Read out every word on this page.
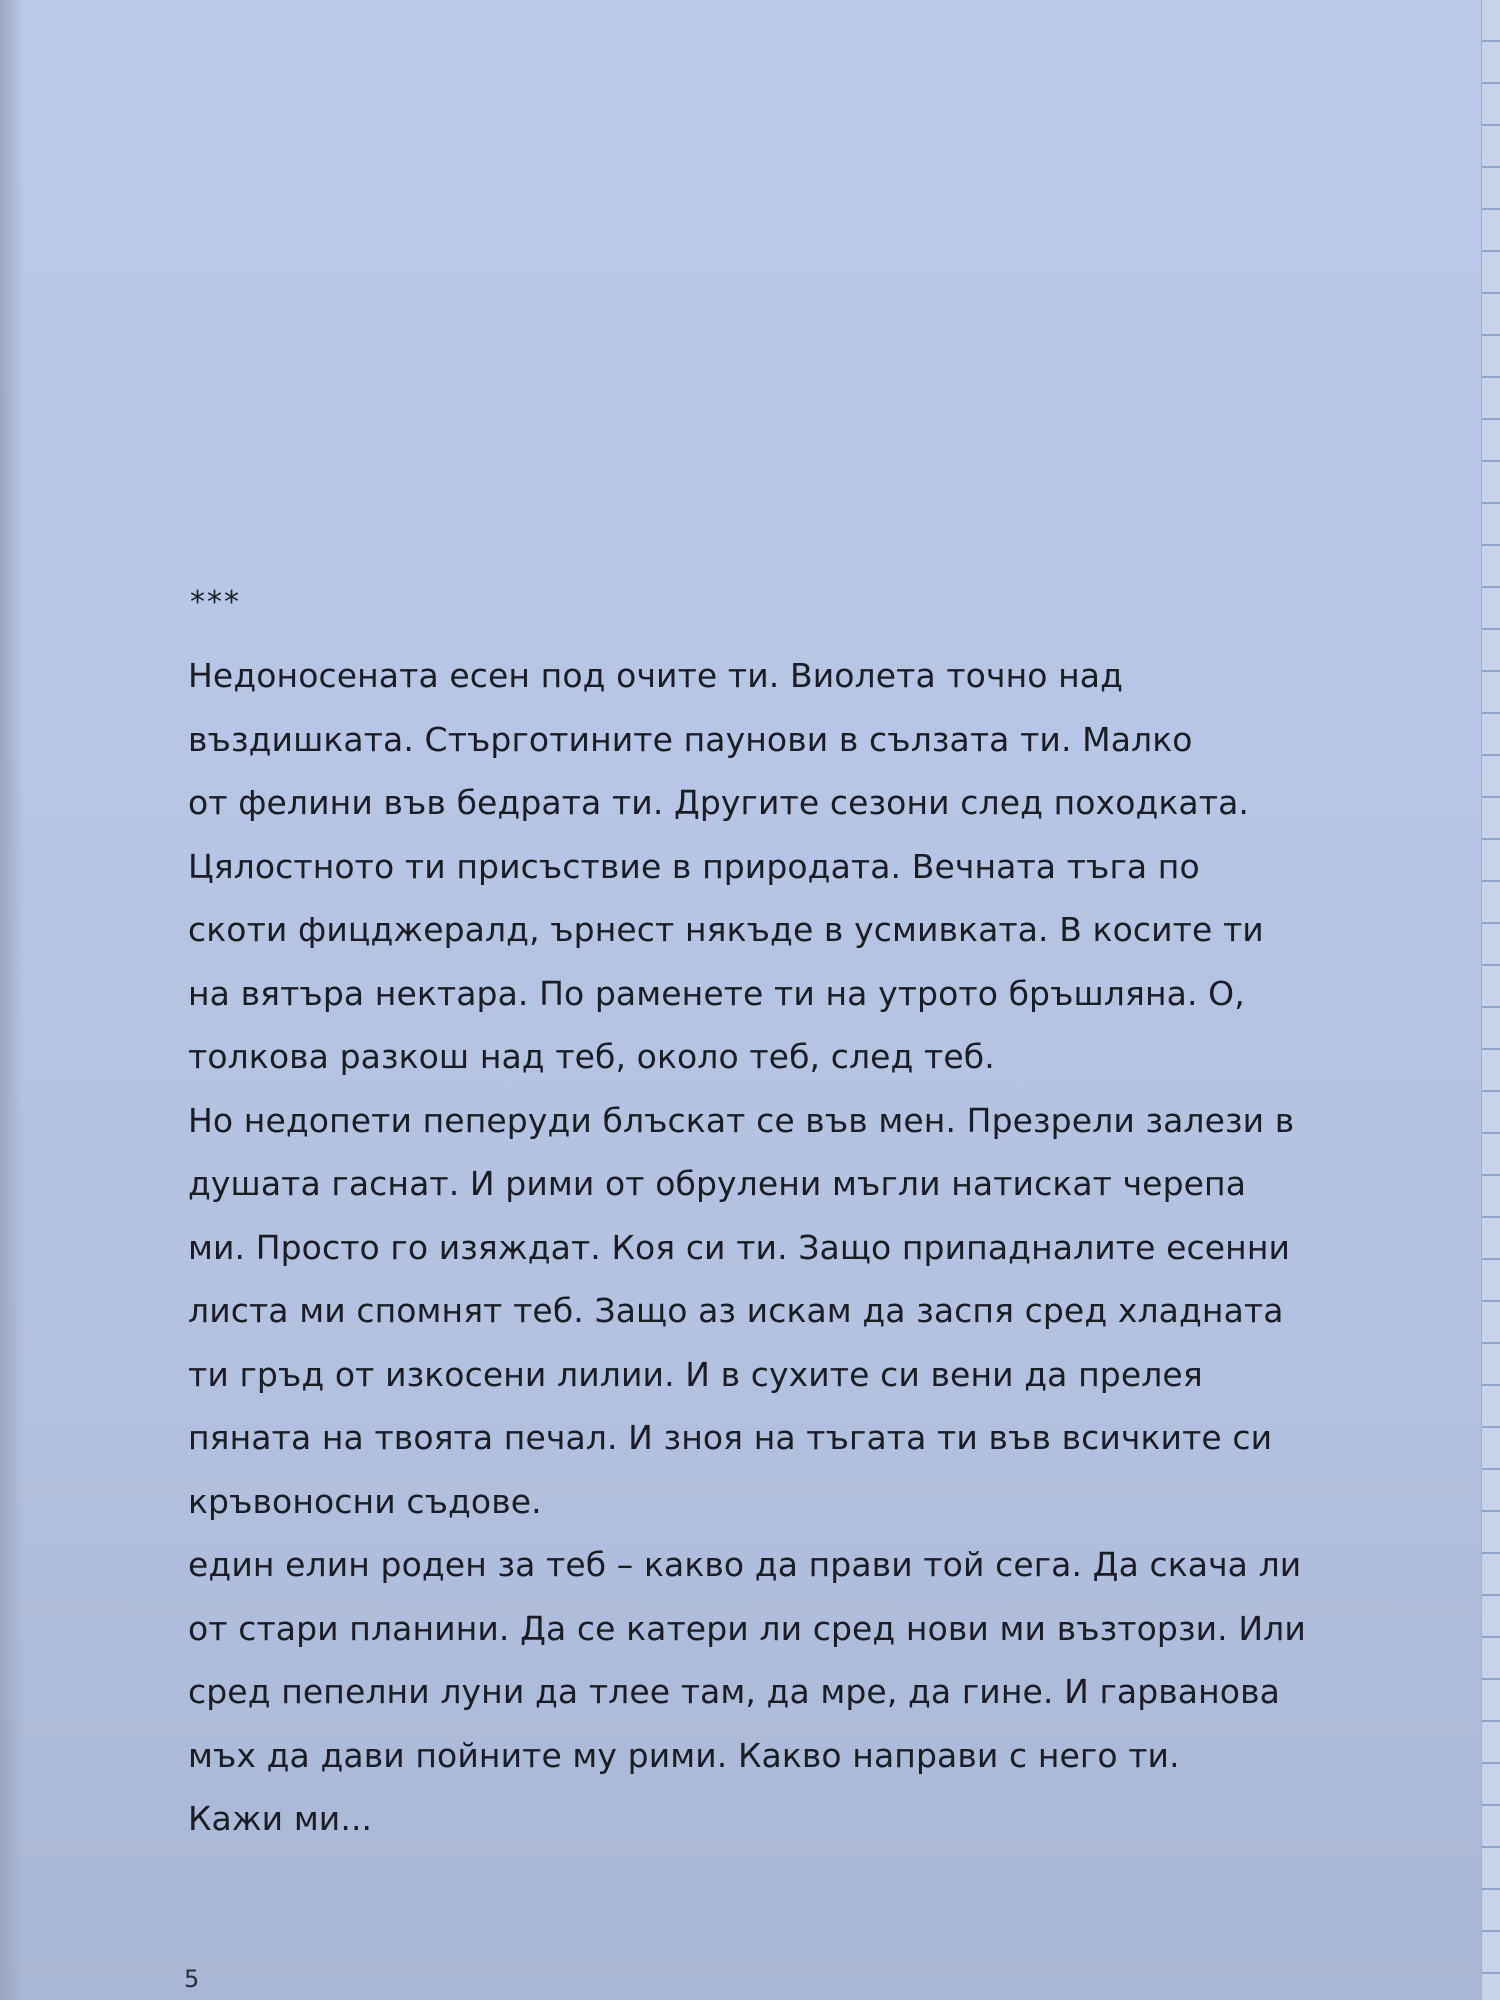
***

Недоносената есен под очите ти. Виолета точно над
въздишката. Стърготините паунови в сълзата ти. Малко
от фелини във бедрата ти. Другите сезони след походката.
Цялостното ти присъствие в природата. Вечната тъга по
скоти фицджералд, ърнест някъде в усмивката. В косите ти
на вятъра нектара. По раменете ти на утрото бръшляна. О,
толкова разкош над теб, около теб, след теб.

Но недопети пеперуди блъскат се във мен. Презрели залези в
душата гаснат. И рими от обрулени мъгли натискат черепа
ми. Просто го изяждат. Коя си ти. Защо припадналите есенни
листа ми спомнят теб. Защо аз искам да заспя сред хладната
ти гръд от изкосени лилии. И в сухите си вени да прелея
пяната на твоята печал. И зноя на тъгата ти във всичките си
кръвоносни съдове.

един елин роден за теб – какво да прави той сега. Да скача ли
от стари планини. Да се катери ли сред нови ми възторзи. Или
сред пепелни луни да тлее там, да мре, да гине. И гарванова
мъх да дави пойните му рими. Какво направи с него ти.
Кажи ми...

5
